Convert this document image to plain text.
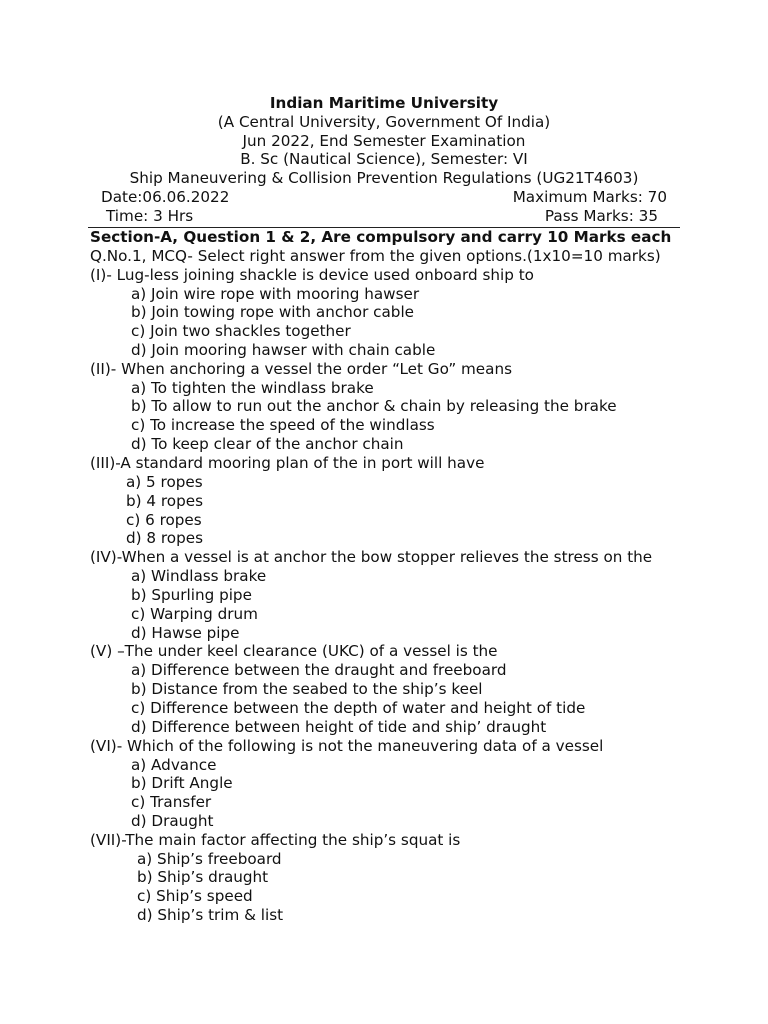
Indian Maritime University
(A Central University, Government Of India)
Jun 2022, End Semester Examination
B. Sc (Nautical Science), Semester: VI
Ship Maneuvering & Collision Prevention Regulations (UG21T4603)
Date:06.06.2022	Maximum Marks: 70
Time: 3 Hrs	Pass Marks: 35
Section-A, Question 1 & 2, Are compulsory and carry 10 Marks each
Q.No.1, MCQ- Select right answer from the given options.(1x10=10 marks)
(I)- Lug-less joining shackle is device used onboard ship to
a) Join wire rope with mooring hawser
b) Join towing rope with anchor cable
c) Join two shackles together
d) Join mooring hawser with chain cable
(II)- When anchoring a vessel the order “Let Go” means
a) To tighten the windlass brake
b) To allow to run out the anchor & chain by releasing the brake
c) To increase the speed of the windlass
d) To keep clear of the anchor chain
(III)-A standard mooring plan of the in port will have
a) 5 ropes
b) 4 ropes
c) 6 ropes
d) 8 ropes
(IV)-When a vessel is at anchor the bow stopper relieves the stress on the
a) Windlass brake
b) Spurling pipe
c) Warping drum
d) Hawse pipe
(V) –The under keel clearance (UKC) of a vessel is the
a) Difference between the draught and freeboard
b) Distance from the seabed to the ship’s keel
c) Difference between the depth of water and height of tide
d) Difference between height of tide and ship’ draught
(VI)- Which of the following is not the maneuvering data of a vessel
a) Advance
b) Drift Angle
c) Transfer
d) Draught
(VII)-The main factor affecting the ship’s squat is
a) Ship’s freeboard
b) Ship’s draught
c) Ship’s speed
d) Ship’s trim & list
